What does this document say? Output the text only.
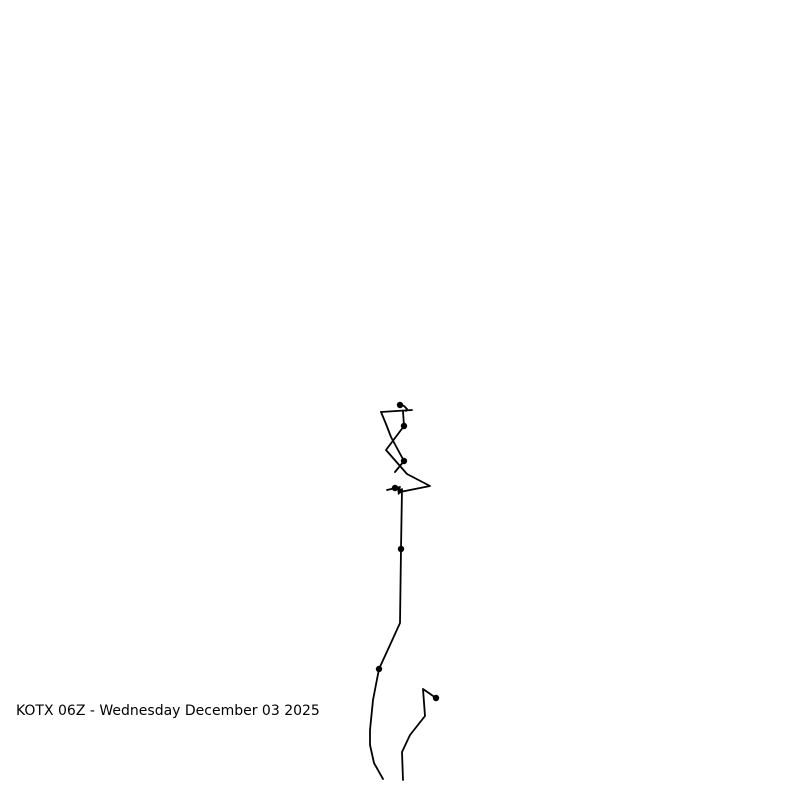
KOTX 06Z - Wednesday December 03 2025
